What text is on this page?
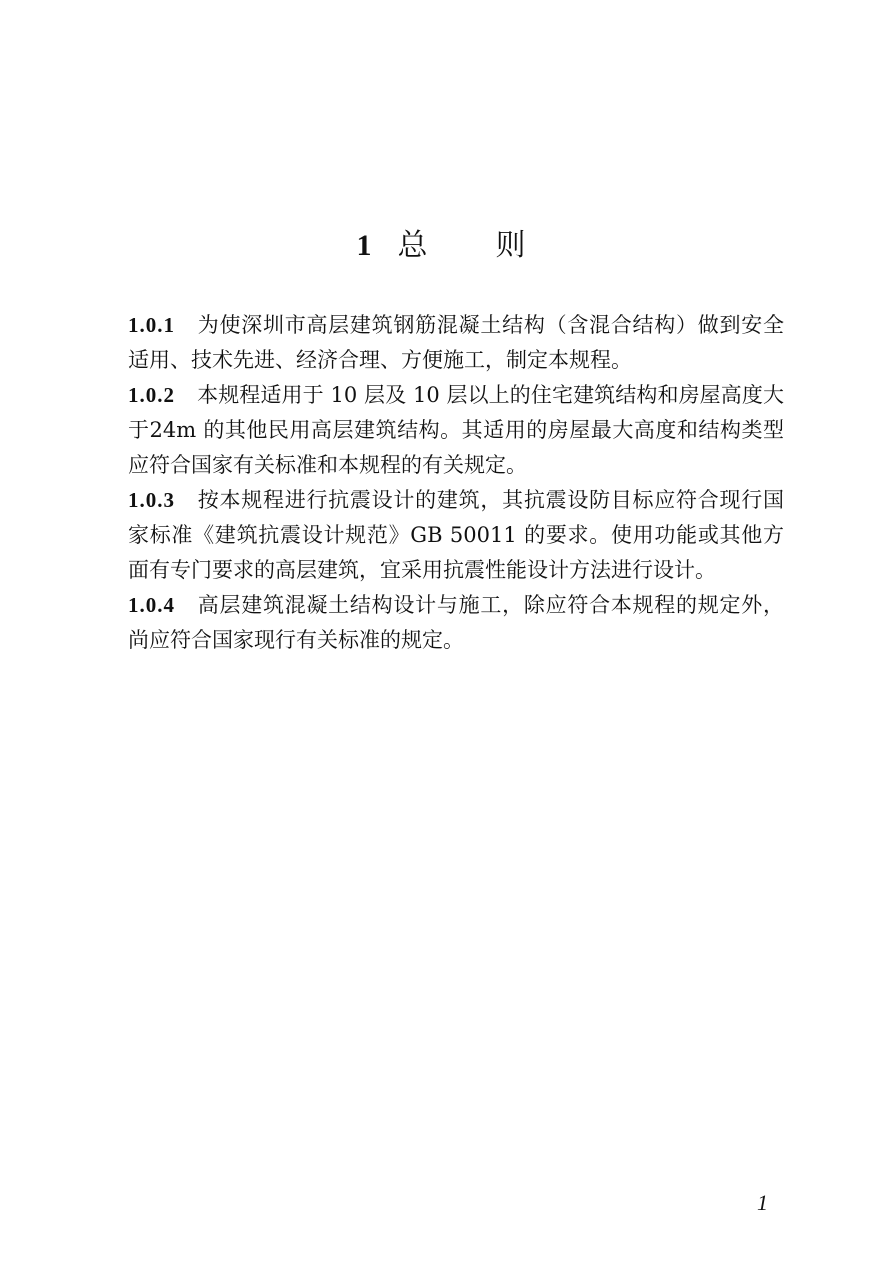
1 总则

1.0.1 为使深圳市高层建筑钢筋混凝土结构（含混合结构）做到安全适用、技术先进、经济合理、方便施工，制定本规程。

1.0.2 本规程适用于 10 层及 10 层以上的住宅建筑结构和房屋高度大于24m 的其他民用高层建筑结构。其适用的房屋最大高度和结构类型应符合国家有关标准和本规程的有关规定。

1.0.3 按本规程进行抗震设计的建筑，其抗震设防目标应符合现行国家标准《建筑抗震设计规范》GB 50011 的要求。使用功能或其他方面有专门要求的高层建筑，宜采用抗震性能设计方法进行设计。

1.0.4 高层建筑混凝土结构设计与施工，除应符合本规程的规定外，尚应符合国家现行有关标准的规定。

1
